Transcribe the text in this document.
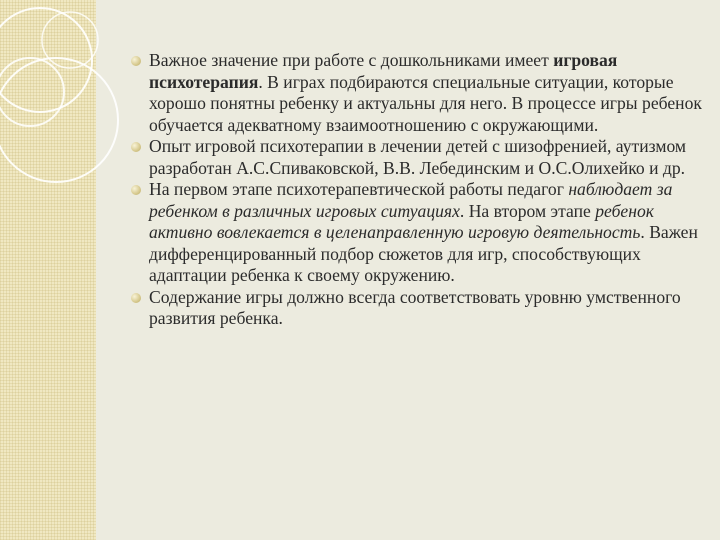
Важное значение при работе с дошкольниками имеет игровая психотерапия. В играх подбираются специальные ситуации, которые хорошо понятны ребенку и актуальны для него. В процессе игры ребенок обучается адекватному взаимоотношению с окружающими.
Опыт игровой психотерапии в лечении детей с шизофренией, аутизмом разработан А.С.Спиваковской, В.В. Лебединским и О.С.Олихейко и др.
На первом этапе психотерапевтической работы педагог наблюдает за ребенком в различных игровых ситуациях. На втором этапе ребенок активно вовлекается в целенаправленную игровую деятельность. Важен дифференцированный подбор сюжетов для игр, способствующих адаптации ребенка к своему окружению.
Содержание игры должно всегда соответствовать уровню умственного развития ребенка.
